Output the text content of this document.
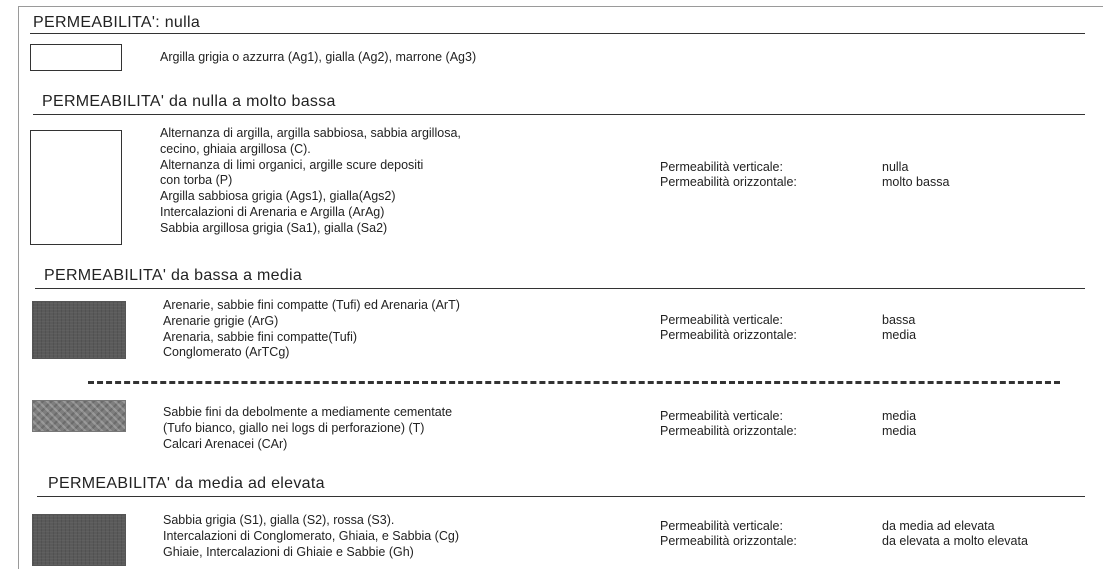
PERMEABILITA': nulla
Argilla grigia o azzurra (Ag1), gialla (Ag2), marrone (Ag3)
PERMEABILITA' da nulla a molto bassa
Alternanza di argilla, argilla sabbiosa, sabbia argillosa,
cecino, ghiaia argillosa (C).
Alternanza di limi organici, argille scure depositi
con torba (P)
Argilla sabbiosa grigia (Ags1), gialla(Ags2)
Intercalazioni di Arenaria e Argilla (ArAg)
Sabbia argillosa grigia (Sa1), gialla (Sa2)
Permeabilità verticale:	nulla
Permeabilità orizzontale:	molto bassa
PERMEABILITA' da bassa a media
Arenarie, sabbie fini compatte (Tufi) ed Arenaria (ArT)
Arenarie grigie (ArG)
Arenaria, sabbie fini compatte(Tufi)
Conglomerato (ArTCg)
Permeabilità verticale:	bassa
Permeabilità orizzontale:	media
Sabbie fini da debolmente a mediamente cementate
(Tufo bianco, giallo nei logs di perforazione) (T)
Calcari Arenacei (CAr)
Permeabilità verticale:	media
Permeabilità orizzontale:	media
PERMEABILITA' da media ad elevata
Sabbia grigia (S1), gialla (S2), rossa (S3).
Intercalazioni di Conglomerato, Ghiaia, e Sabbia (Cg)
Ghiaie, Intercalazioni di Ghiaie e Sabbie (Gh)
Permeabilità verticale:	da media ad elevata
Permeabilità orizzontale:	da elevata a molto elevata
